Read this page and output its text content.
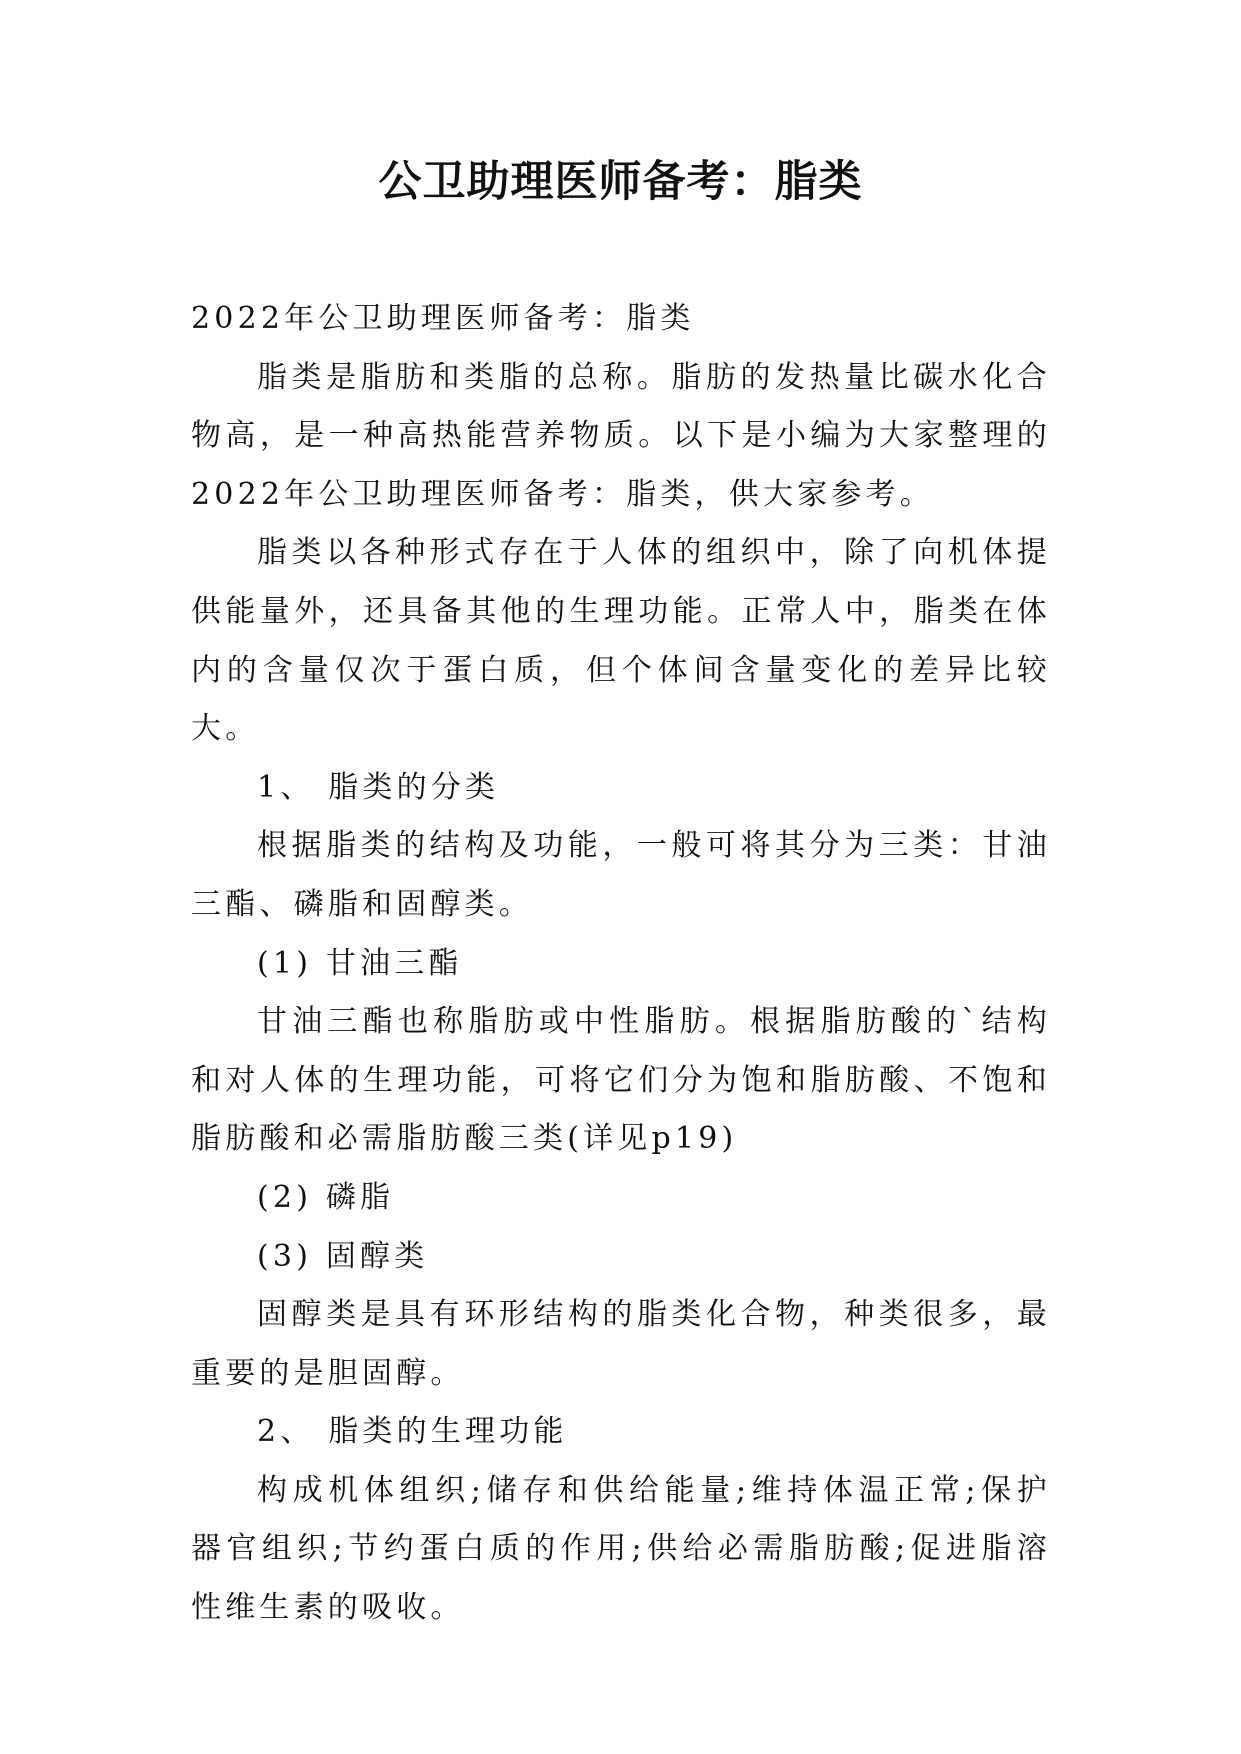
公卫助理医师备考：脂类

2022年公卫助理医师备考：脂类

脂类是脂肪和类脂的总称。脂肪的发热量比碳水化合物高，是一种高热能营养物质。以下是小编为大家整理的2022年公卫助理医师备考：脂类，供大家参考。

脂类以各种形式存在于人体的组织中，除了向机体提供能量外，还具备其他的生理功能。正常人中，脂类在体内的含量仅次于蛋白质，但个体间含量变化的差异比较大。

1、 脂类的分类

根据脂类的结构及功能，一般可将其分为三类：甘油三酯、磷脂和固醇类。

(1) 甘油三酯

甘油三酯也称脂肪或中性脂肪。根据脂肪酸的`结构和对人体的生理功能，可将它们分为饱和脂肪酸、不饱和脂肪酸和必需脂肪酸三类(详见p19)

(2) 磷脂

(3) 固醇类

固醇类是具有环形结构的脂类化合物，种类很多，最重要的是胆固醇。

2、 脂类的生理功能

构成机体组织;储存和供给能量;维持体温正常;保护器官组织;节约蛋白质的作用;供给必需脂肪酸;促进脂溶性维生素的吸收。
